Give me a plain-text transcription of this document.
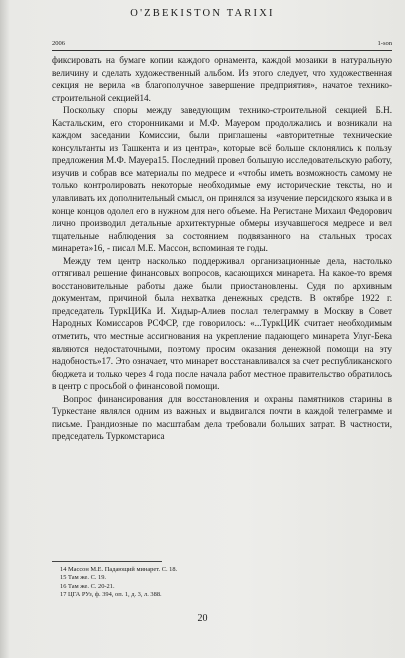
O'ZBEKISTON TARIXI
2006	1-son

фиксировать на бумаге копии каждого орнамента, каждой мозаики в натуральную величину и сделать художественный альбом. Из этого следует, что художественная секция не верила «в благополучное завершение предприятия», начатое технико-строительной секцией14.

Поскольку споры между заведующим технико-строительной секцией Б.Н. Кастальским, его сторонниками и М.Ф. Мауером продолжались и возникали на каждом заседании Комиссии, были приглашены «авторитетные технические консультанты из Ташкента и из центра», которые всё больше склонялись к пользу предложения М.Ф. Мауера15. Последний провел большую исследовательскую работу, изучив и собрав все материалы по медресе и «чтобы иметь возможность самому не только контролировать некоторые необходимые ему исторические тексты, но и улавливать их дополнительный смысл, он принялся за изучение персидского языка и в конце концов одолел его в нужном для него объеме. На Регистане Михаил Федорович лично производил детальные архитектурные обмеры изучавшегося медресе и вел тщательные наблюдения за состоянием подвязанного на стальных тросах минарета»16, - писал М.Е. Массон, вспоминая те годы.

Между тем центр насколько поддерживал организационные дела, настолько оттягивал решение финансовых вопросов, касающихся минарета. На какое-то время восстановительные работы даже были приостановлены. Судя по архивным документам, причиной была нехватка денежных средств. В октябре 1922 г. председатель ТуркЦИКа И. Хидыр-Алиев послал телеграмму в Москву в Совет Народных Комиссаров РСФСР, где говорилось: «...ТуркЦИК считает необходимым отметить, что местные ассигнования на укрепление падающего минарета Улуг-Бека являются недостаточными, поэтому просим оказания денежной помощи на эту надобность»17. Это означает, что минарет восстанавливался за счет республиканского бюджета и только через 4 года после начала работ местное правительство обратилось в центр с просьбой о финансовой помощи.

Вопрос финансирования для восстановления и охраны памятников старины в Туркестане являлся одним из важных и выдвигался почти в каждой телеграмме и письме. Грандиозные по масштабам дела требовали больших затрат. В частности, председатель Туркомстариса

14 Массон М.Е. Падающий минарет. С. 18.
15 Там же. С. 19.
16 Там же. С. 20-21.
17 ЦГА РУз, ф. 394, оп. 1, д. 3, л. 388.
20
